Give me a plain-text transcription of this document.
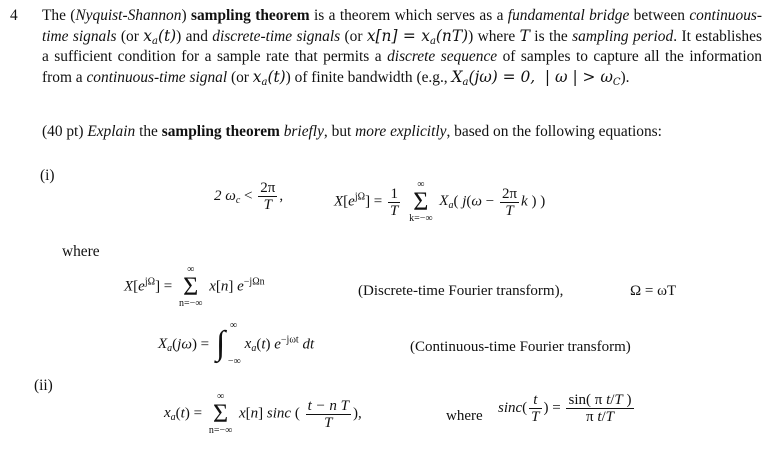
4	The (Nyquist-Shannon) sampling theorem is a theorem which serves as a fundamental bridge between continuous-time signals (or $x_a(t)$) and discrete-time signals (or $x[n] = x_a(nT)$) where T is the sampling period. It establishes a sufficient condition for a sample rate that permits a discrete sequence of samples to capture all the information from a continuous-time signal (or $x_a(t)$) of finite bandwidth (e.g., $X_a(j\omega) = 0$,  | ω | > $\omega_C$).
(40 pt) Explain the sampling theorem briefly, but more explicitly, based on the following equations:
(i)
where
(ii)
2 $\omega_c < \frac{2\pi}{T}$ ,	$X[e^{j\Omega}] = \frac{1}{T}$

∞
Σ
k=−∞
$X_a$( $j(\omega - \frac{2\pi}{T}$ k ) )
$X[e^{j\Omega}]$ =
∞
Σ
n=−∞
x[n] $e^{-j\Omega n}$
(Discrete-time Fourier transform),	Ω = ωT
$X_a(j\omega)$ = ∫ ∞
−∞
$x_a(t)$ $e^{-j\omega t}$ dt	(Continuous-time Fourier transform)
$x_a(t)$ =
∞
Σ
n=−∞
x[n] sinc ( $\frac{\text{t − n T}}{T}$ ),	where
$\sin c( \frac{t}{T}$ ) = $\frac{\text{sin( π t/T )}}{\text{π t/T}}$
